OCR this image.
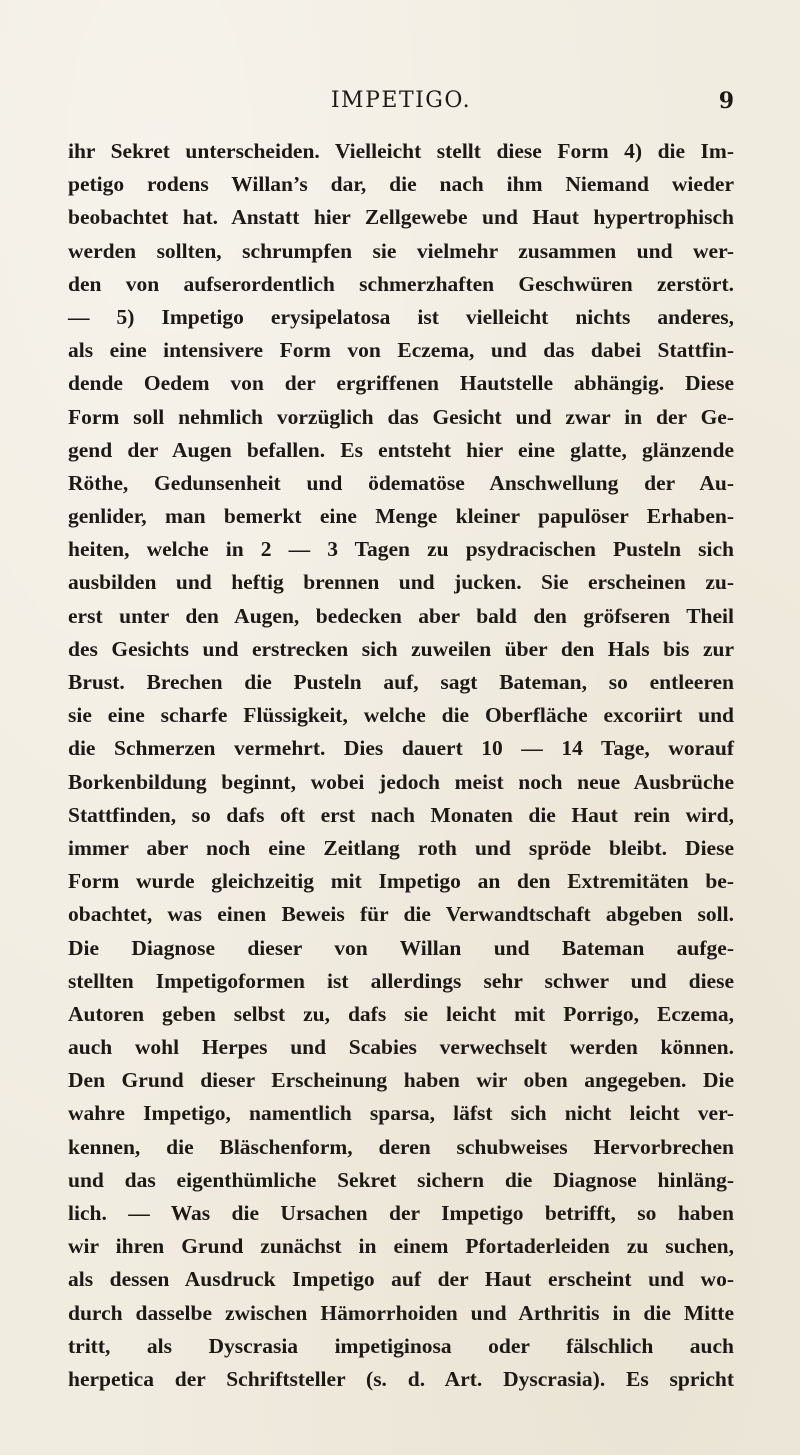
IMPETIGO.	9
ihr Sekret unterscheiden. Vielleicht stellt diese Form 4) die Im-
petigo rodens Willan’s dar, die nach ihm Niemand wieder
beobachtet hat. Anstatt hier Zellgewebe und Haut hypertrophisch
werden sollten, schrumpfen sie vielmehr zusammen und wer-
den von aufserordentlich schmerzhaften Geschwüren zerstört.
— 5) Impetigo erysipelatosa ist vielleicht nichts anderes,
als eine intensivere Form von Eczema, und das dabei Stattfin-
dende Oedem von der ergriffenen Hautstelle abhängig. Diese
Form soll nehmlich vorzüglich das Gesicht und zwar in der Ge-
gend der Augen befallen. Es entsteht hier eine glatte, glänzende
Röthe, Gedunsenheit und ödematöse Anschwellung der Au-
genlider, man bemerkt eine Menge kleiner papulöser Erhaben-
heiten, welche in 2 — 3 Tagen zu psydracischen Pusteln sich
ausbilden und heftig brennen und jucken. Sie erscheinen zu-
erst unter den Augen, bedecken aber bald den gröfseren Theil
des Gesichts und erstrecken sich zuweilen über den Hals bis zur
Brust. Brechen die Pusteln auf, sagt Bateman, so entleeren
sie eine scharfe Flüssigkeit, welche die Oberfläche excoriirt und
die Schmerzen vermehrt. Dies dauert 10 — 14 Tage, worauf
Borkenbildung beginnt, wobei jedoch meist noch neue Ausbrüche
Stattfinden, so dafs oft erst nach Monaten die Haut rein wird,
immer aber noch eine Zeitlang roth und spröde bleibt. Diese
Form wurde gleichzeitig mit Impetigo an den Extremitäten be-
obachtet, was einen Beweis für die Verwandtschaft abgeben soll.
Die Diagnose dieser von Willan und Bateman aufge-
stellten Impetigoformen ist allerdings sehr schwer und diese
Autoren geben selbst zu, dafs sie leicht mit Porrigo, Eczema,
auch wohl Herpes und Scabies verwechselt werden können.
Den Grund dieser Erscheinung haben wir oben angegeben. Die
wahre Impetigo, namentlich sparsa, läfst sich nicht leicht ver-
kennen, die Bläschenform, deren schubweises Hervorbrechen
und das eigenthümliche Sekret sichern die Diagnose hinläng-
lich. — Was die Ursachen der Impetigo betrifft, so haben
wir ihren Grund zunächst in einem Pfortaderleiden zu suchen,
als dessen Ausdruck Impetigo auf der Haut erscheint und wo-
durch dasselbe zwischen Hämorrhoiden und Arthritis in die Mitte
tritt, als Dyscrasia impetiginosa oder fälschlich auch
herpetica der Schriftsteller (s. d. Art. Dyscrasia). Es spricht
